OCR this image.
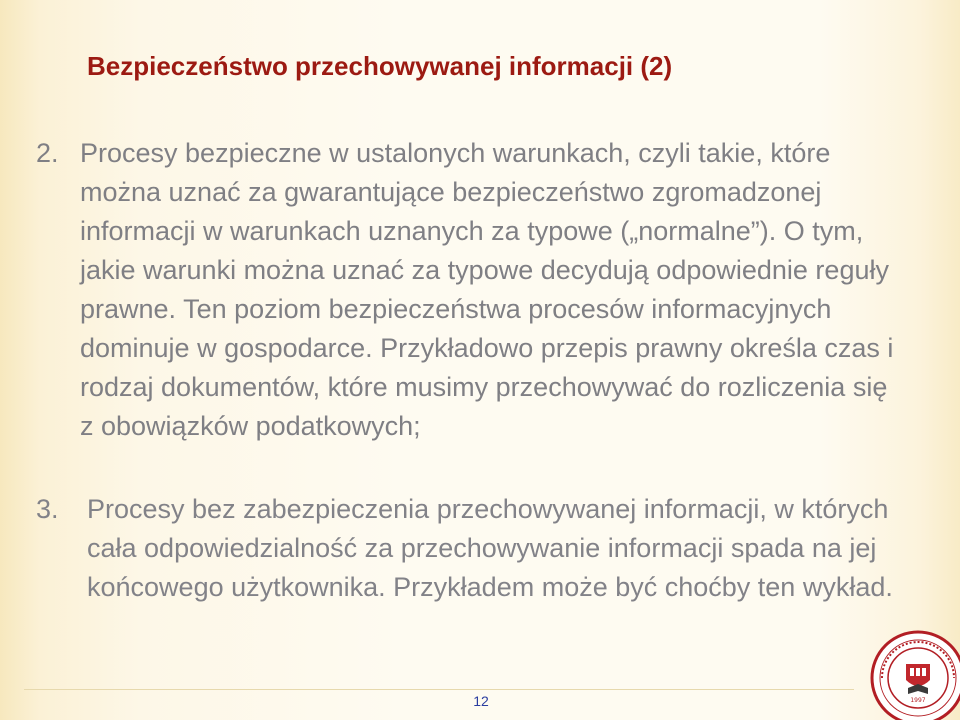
Bezpieczeństwo przechowywanej informacji (2)
2. Procesy bezpieczne w ustalonych warunkach, czyli takie, które można uznać za gwarantujące bezpieczeństwo zgromadzonej informacji w warunkach uznanych za typowe („normalne”). O tym, jakie warunki można uznać za typowe decydują odpowiednie reguły prawne. Ten poziom bezpieczeństwa procesów informacyjnych dominuje w gospodarce. Przykładowo przepis prawny określa czas i rodzaj dokumentów, które musimy przechowywać do rozliczenia się z obowiązków podatkowych;
3. Procesy bez zabezpieczenia przechowywanej informacji, w których cała odpowiedzialność za przechowywanie informacji spada na jej końcowego użytkownika. Przykładem może być choćby ten wykład.
12	1997
